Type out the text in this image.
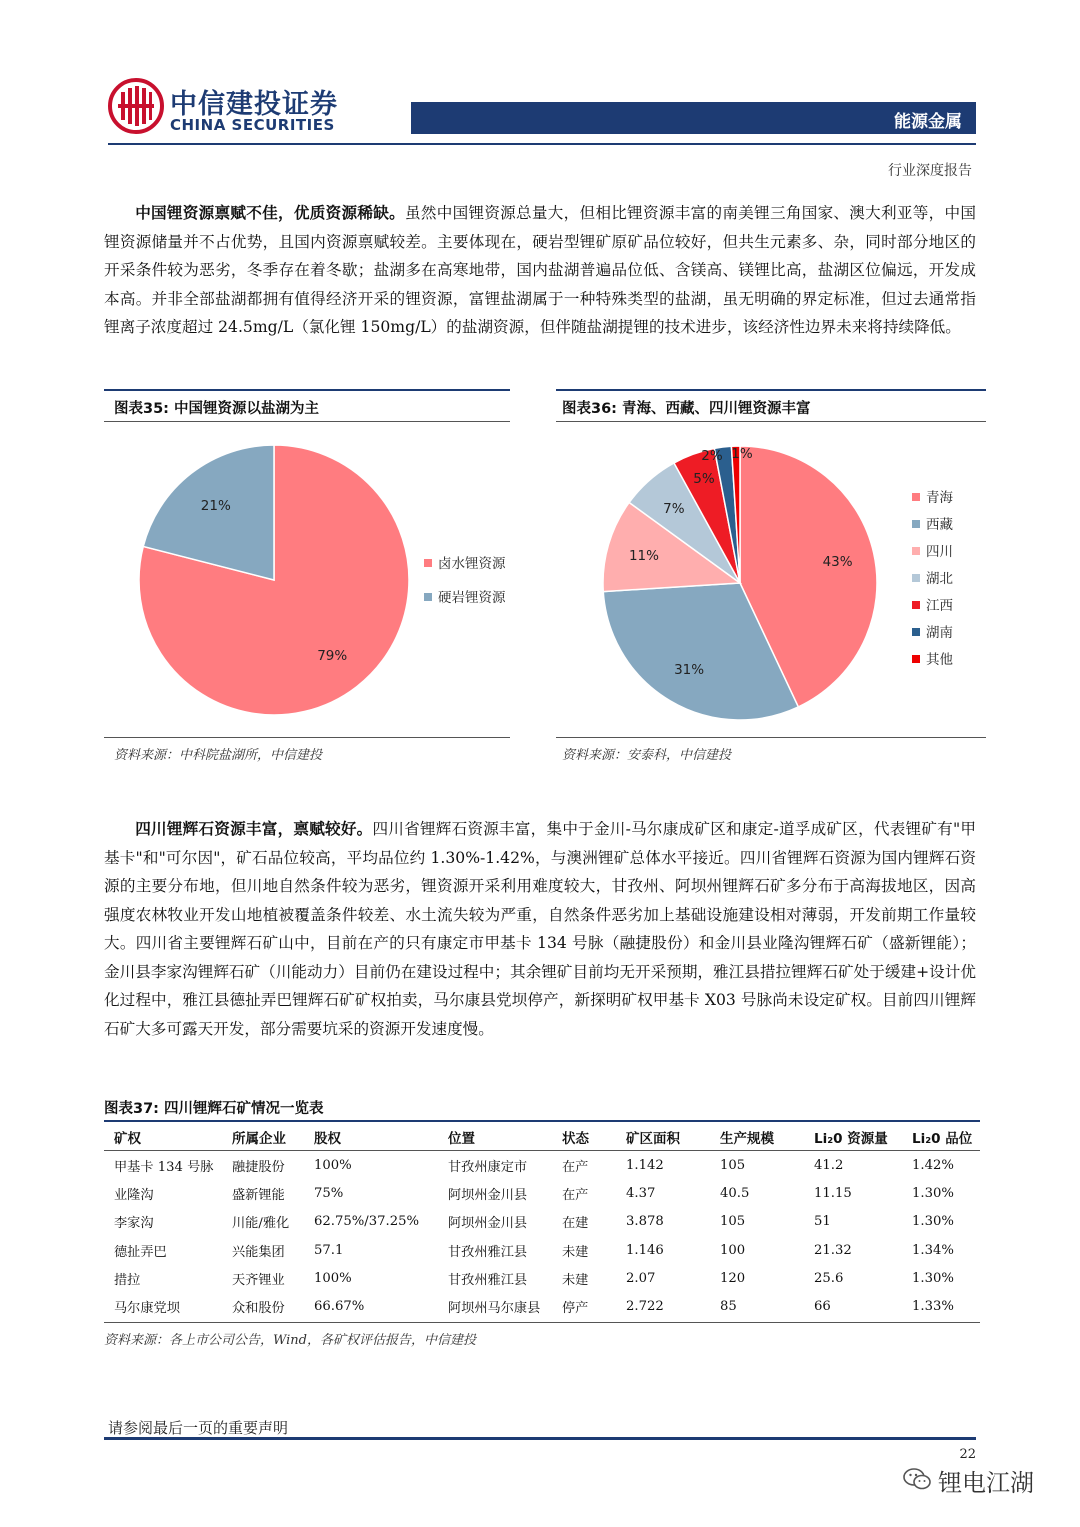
中信建投证券
CHINA SECURITIES	能源金属
行业深度报告
中国锂资源禀赋不佳，优质资源稀缺。虽然中国锂资源总量大，但相比锂资源丰富的南美锂三角国家、澳大利亚等，中国锂资源储量并不占优势，且国内资源禀赋较差。主要体现在，硬岩型锂矿原矿品位较好，但共生元素多、杂，同时部分地区的开采条件较为恶劣，冬季存在着冬歇；盐湖多在高寒地带，国内盐湖普遍品位低、含镁高、镁锂比高，盐湖区位偏远，开发成本高。并非全部盐湖都拥有值得经济开采的锂资源，富锂盐湖属于一种特殊类型的盐湖，虽无明确的界定标准，但过去通常指锂离子浓度超过 24.5mg/L（氯化锂 150mg/L）的盐湖资源，但伴随盐湖提锂的技术进步，该经济性边界未来将持续降低。
图表35: 中国锂资源以盐湖为主	图表36: 青海、西藏、四川锂资源丰富
79%
21%
卤水锂资源
硬岩锂资源
43%
31%
11%
7%
5%
2% 1%
青海
西藏
四川
湖北
江西
湖南
其他
资料来源：中科院盐湖所，中信建投	资料来源：安泰科，中信建投
四川锂辉石资源丰富，禀赋较好。四川省锂辉石资源丰富，集中于金川-马尔康成矿区和康定-道孚成矿区，代表锂矿有"甲基卡"和"可尔因"，矿石品位较高，平均品位约 1.30%-1.42%，与澳洲锂矿总体水平接近。四川省锂辉石资源为国内锂辉石资源的主要分布地，但川地自然条件较为恶劣，锂资源开采利用难度较大，甘孜州、阿坝州锂辉石矿多分布于高海拔地区，因高强度农林牧业开发山地植被覆盖条件较差、水土流失较为严重，自然条件恶劣加上基础设施建设相对薄弱，开发前期工作量较大。四川省主要锂辉石矿山中，目前在产的只有康定市甲基卡 134 号脉（融捷股份）和金川县业隆沟锂辉石矿（盛新锂能）；金川县李家沟锂辉石矿（川能动力）目前仍在建设过程中；其余锂矿目前均无开采预期，雅江县措拉锂辉石矿处于缓建+设计优化过程中，雅江县德扯弄巴锂辉石矿矿权拍卖，马尔康县党坝停产，新探明矿权甲基卡 X03 号脉尚未设定矿权。目前四川锂辉石矿大多可露天开发，部分需要坑采的资源开发速度慢。
图表37: 四川锂辉石矿情况一览表
矿权	所属企业	股权	位置	状态	矿区面积	生产规模	Li₂0 资源量	Li₂0 品位
甲基卡 134 号脉	融捷股份	100%	甘孜州康定市	在产	1.142	105	41.2	1.42%
业隆沟	盛新锂能	75%	阿坝州金川县	在产	4.37	40.5	11.15	1.30%
李家沟	川能/雅化	62.75%/37.25%	阿坝州金川县	在建	3.878	105	51	1.30%
德扯弄巴	兴能集团	57.1	甘孜州雅江县	未建	1.146	100	21.32	1.34%
措拉	天齐锂业	100%	甘孜州雅江县	未建	2.07	120	25.6	1.30%
马尔康党坝	众和股份	66.67%	阿坝州马尔康县	停产	2.722	85	66	1.33%
资料来源：各上市公司公告，Wind，各矿权评估报告，中信建投
请参阅最后一页的重要声明
22
锂电江湖
